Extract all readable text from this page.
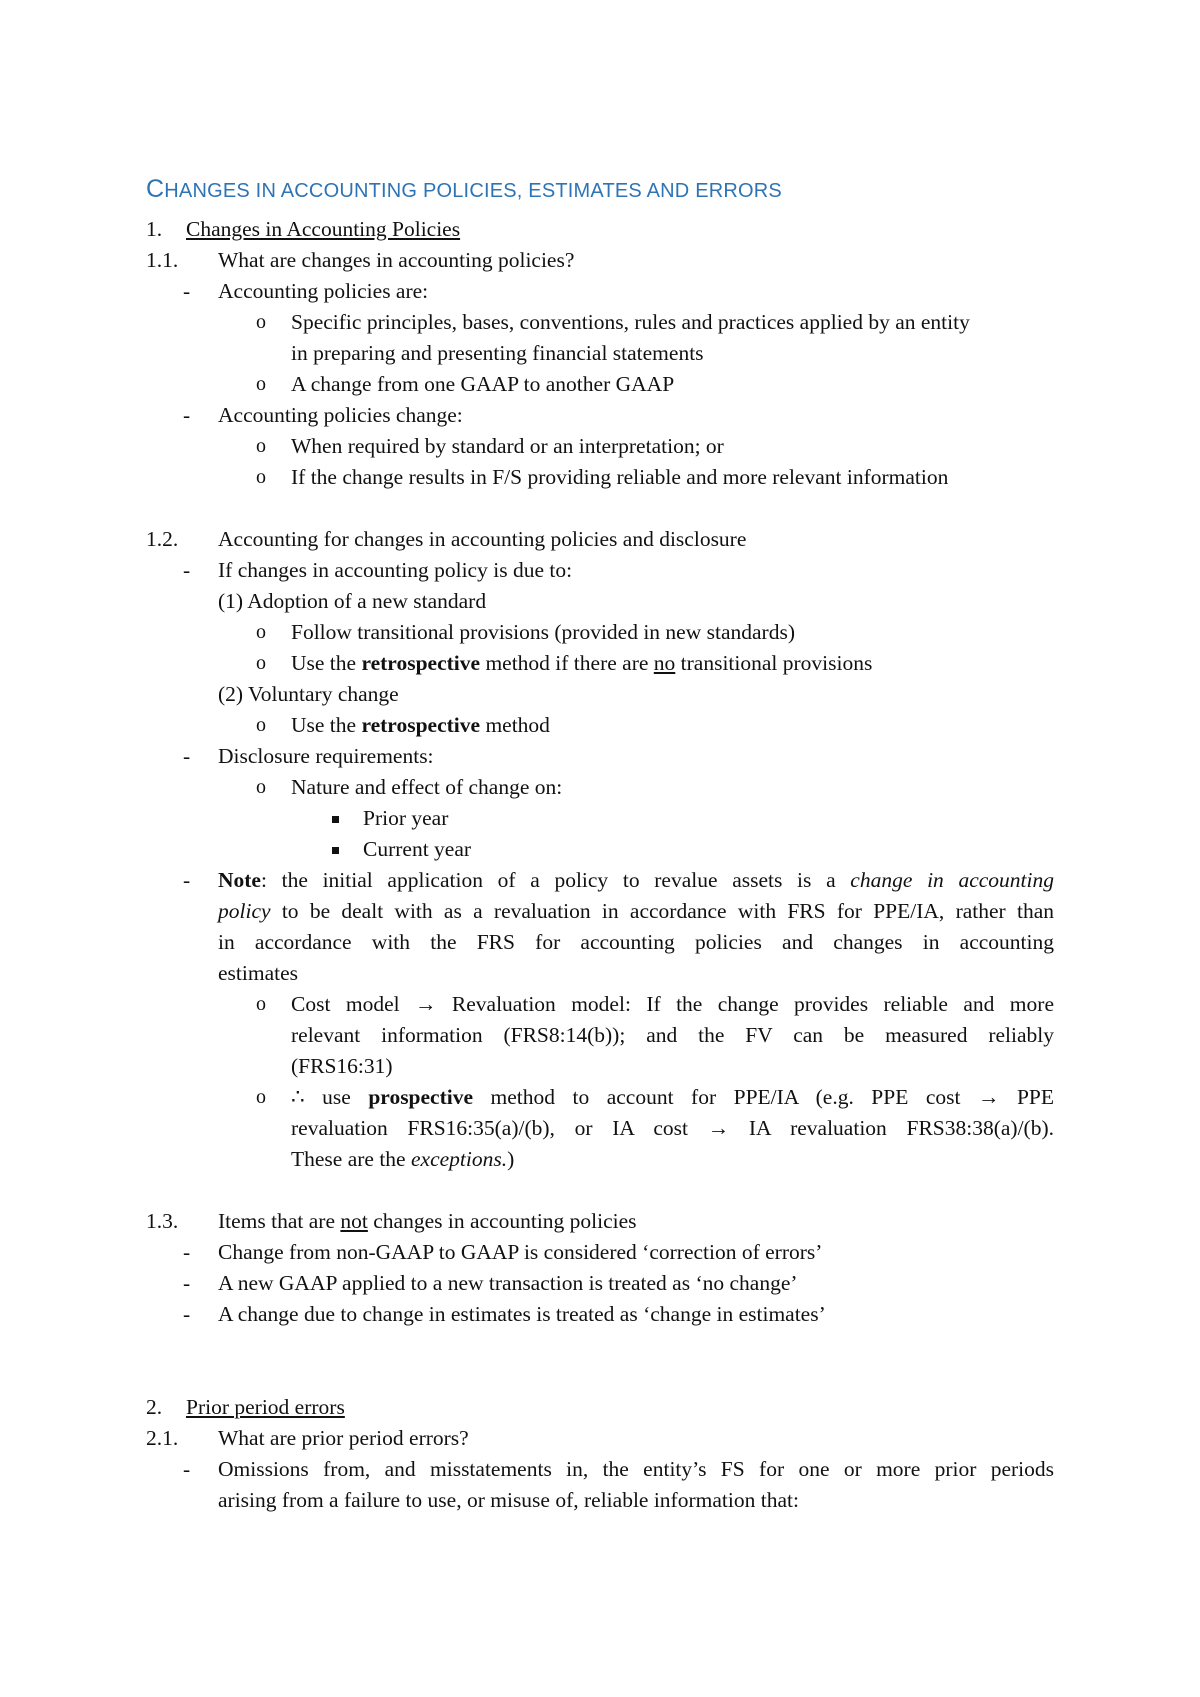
CHANGES IN ACCOUNTING POLICIES, ESTIMATES AND ERRORS
1. Changes in Accounting Policies
1.1. What are changes in accounting policies?
- Accounting policies are:
o Specific principles, bases, conventions, rules and practices applied by an entity
in preparing and presenting financial statements
o A change from one GAAP to another GAAP
- Accounting policies change:
o When required by standard or an interpretation; or
o If the change results in F/S providing reliable and more relevant information
1.2. Accounting for changes in accounting policies and disclosure
- If changes in accounting policy is due to:
(1) Adoption of a new standard
o Follow transitional provisions (provided in new standards)
o Use the retrospective method if there are no transitional provisions
(2) Voluntary change
o Use the retrospective method
- Disclosure requirements:
o Nature and effect of change on:
Prior year
Current year
- Note: the initial application of a policy to revalue assets is a change in accounting
policy to be dealt with as a revaluation in accordance with FRS for PPE/IA, rather than
in accordance with the FRS for accounting policies and changes in accounting
estimates
o Cost model → Revaluation model: If the change provides reliable and more
relevant information (FRS8:14(b)); and the FV can be measured reliably
(FRS16:31)
o ∴ use prospective method to account for PPE/IA (e.g. PPE cost → PPE
revaluation FRS16:35(a)/(b), or IA cost → IA revaluation FRS38:38(a)/(b).
These are the exceptions.)
1.3. Items that are not changes in accounting policies
- Change from non-GAAP to GAAP is considered ‘correction of errors’
- A new GAAP applied to a new transaction is treated as ‘no change’
- A change due to change in estimates is treated as ‘change in estimates’
2. Prior period errors
2.1. What are prior period errors?
- Omissions from, and misstatements in, the entity’s FS for one or more prior periods
arising from a failure to use, or misuse of, reliable information that:
